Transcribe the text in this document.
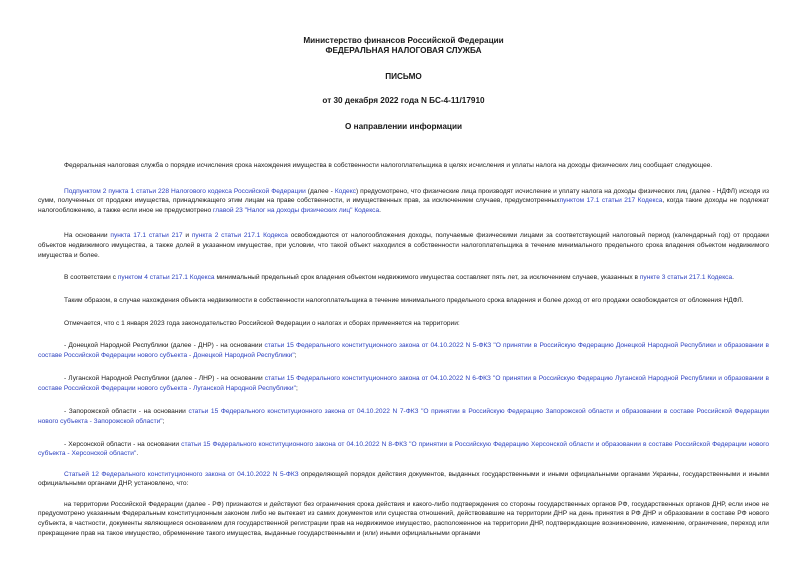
Министерство финансов Российской Федерации
ФЕДЕРАЛЬНАЯ НАЛОГОВАЯ СЛУЖБА
ПИСЬМО
от 30 декабря 2022 года N БС-4-11/17910
О направлении информации

Федеральная налоговая служба о порядке исчисления срока нахождения имущества в собственности налогоплательщика в целях исчисления и уплаты налога на доходы физических лиц сообщает следующее.

Подпунктом 2 пункта 1 статьи 228 Налогового кодекса Российской Федерации (далее - Кодекс) предусмотрено, что физические лица производят исчисление и уплату налога на доходы физических лиц (далее - НДФЛ) исходя из сумм, полученных от продажи имущества, принадлежащего этим лицам на праве собственности, и имущественных прав, за исключением случаев, предусмотренныхпунктом 17.1 статьи 217 Кодекса, когда такие доходы не подлежат налогообложению, а также если иное не предусмотрено главой 23 "Налог на доходы физических лиц" Кодекса.

На основании пункта 17.1 статьи 217 и пункта 2 статьи 217.1 Кодекса освобождаются от налогообложения доходы, получаемые физическими лицами за соответствующий налоговый период (календарный год) от продажи объектов недвижимого имущества, а также долей в указанном имуществе, при условии, что такой объект находился в собственности налогоплательщика в течение минимального предельного срока владения объектом недвижимого имущества и более.

В соответствии с пунктом 4 статьи 217.1 Кодекса минимальный предельный срок владения объектом недвижимого имущества составляет пять лет, за исключением случаев, указанных в пункте 3 статьи 217.1 Кодекса.

Таким образом, в случае нахождения объекта недвижимости в собственности налогоплательщика в течение минимального предельного срока владения и более доход от его продажи освобождается от обложения НДФЛ.

Отмечается, что с 1 января 2023 года законодательство Российской Федерации о налогах и сборах применяется на территории:

- Донецкой Народной Республики (далее - ДНР) - на основании статьи 15 Федерального конституционного закона от 04.10.2022 N 5-ФКЗ "О принятии в Российскую Федерацию Донецкой Народной Республики и образовании в составе Российской Федерации нового субъекта - Донецкой Народной Республики";

- Луганской Народной Республики (далее - ЛНР) - на основании статьи 15 Федерального конституционного закона от 04.10.2022 N 6-ФКЗ "О принятии в Российскую Федерацию Луганской Народной Республики и образовании в составе Российской Федерации нового субъекта - Луганской Народной Республики";

- Запорожской области - на основании статьи 15 Федерального конституционного закона от 04.10.2022 N 7-ФКЗ "О принятии в Российскую Федерацию Запорожской области и образовании в составе Российской Федерации нового субъекта - Запорожской области";

- Херсонской области - на основании статьи 15 Федерального конституционного закона от 04.10.2022 N 8-ФКЗ "О принятии в Российскую Федерацию Херсонской области и образовании в составе Российской Федерации нового субъекта - Херсонской области".

Статьей 12 Федерального конституционного закона от 04.10.2022 N 5-ФКЗ определяющей порядок действия документов, выданных государственными и иными официальными органами Украины, государственными и иными официальными органами ДНР, установлено, что:

на территории Российской Федерации (далее - РФ) признаются и действуют без ограничения срока действия и какого-либо подтверждения со стороны государственных органов РФ, государственных органов ДНР, если иное не предусмотрено указанным Федеральным конституционным законом либо не вытекает из самих документов или существа отношений, действовавшие на территории ДНР на день принятия в РФ ДНР и образовании в составе РФ нового субъекта, в частности, документы являющиеся основанием для государственной регистрации прав на недвижимое имущество, расположенное на территории ДНР, подтверждающие возникновение, изменение, ограничение, переход или прекращение прав на такое имущество, обременение такого имущества, выданные государственными и (или) иными официальными органами
